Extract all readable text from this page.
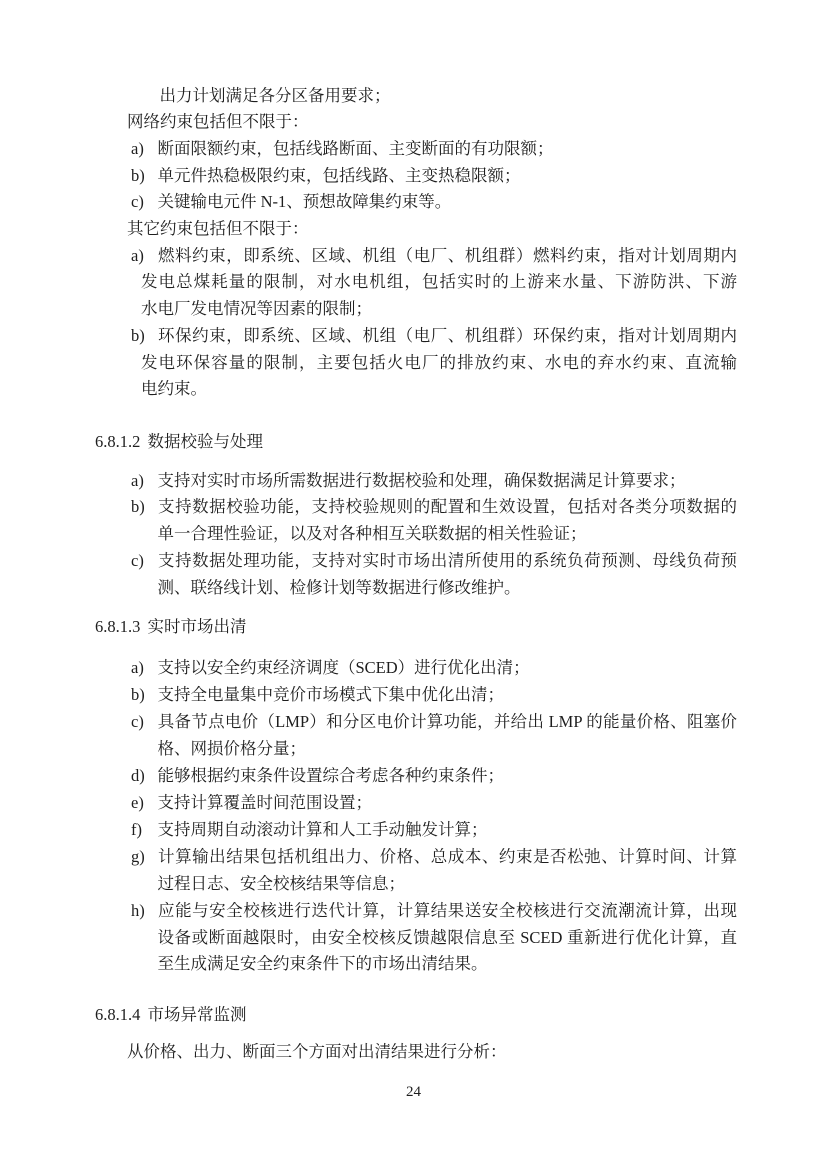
出力计划满足各分区备用要求；
网络约束包括但不限于：
a) 断面限额约束，包括线路断面、主变断面的有功限额；
b) 单元件热稳极限约束，包括线路、主变热稳限额；
c) 关键输电元件 N-1、预想故障集约束等。
其它约束包括但不限于：
a) 燃料约束，即系统、区域、机组（电厂、机组群）燃料约束，指对计划周期内
发电总煤耗量的限制，对水电机组，包括实时的上游来水量、下游防洪、下游
水电厂发电情况等因素的限制；
b) 环保约束，即系统、区域、机组（电厂、机组群）环保约束，指对计划周期内
发电环保容量的限制，主要包括火电厂的排放约束、水电的弃水约束、直流输
电约束。
6.8.1.2 数据校验与处理
a) 支持对实时市场所需数据进行数据校验和处理，确保数据满足计算要求；
b) 支持数据校验功能，支持校验规则的配置和生效设置，包括对各类分项数据的
单一合理性验证，以及对各种相互关联数据的相关性验证；
c) 支持数据处理功能，支持对实时市场出清所使用的系统负荷预测、母线负荷预
测、联络线计划、检修计划等数据进行修改维护。
6.8.1.3 实时市场出清
a) 支持以安全约束经济调度（SCED）进行优化出清；
b) 支持全电量集中竞价市场模式下集中优化出清；
c) 具备节点电价（LMP）和分区电价计算功能，并给出 LMP 的能量价格、阻塞价
格、网损价格分量；
d) 能够根据约束条件设置综合考虑各种约束条件；
e) 支持计算覆盖时间范围设置；
f) 支持周期自动滚动计算和人工手动触发计算；
g) 计算输出结果包括机组出力、价格、总成本、约束是否松弛、计算时间、计算
过程日志、安全校核结果等信息；
h) 应能与安全校核进行迭代计算，计算结果送安全校核进行交流潮流计算，出现
设备或断面越限时，由安全校核反馈越限信息至 SCED 重新进行优化计算，直
至生成满足安全约束条件下的市场出清结果。
6.8.1.4 市场异常监测
从价格、出力、断面三个方面对出清结果进行分析：
24
